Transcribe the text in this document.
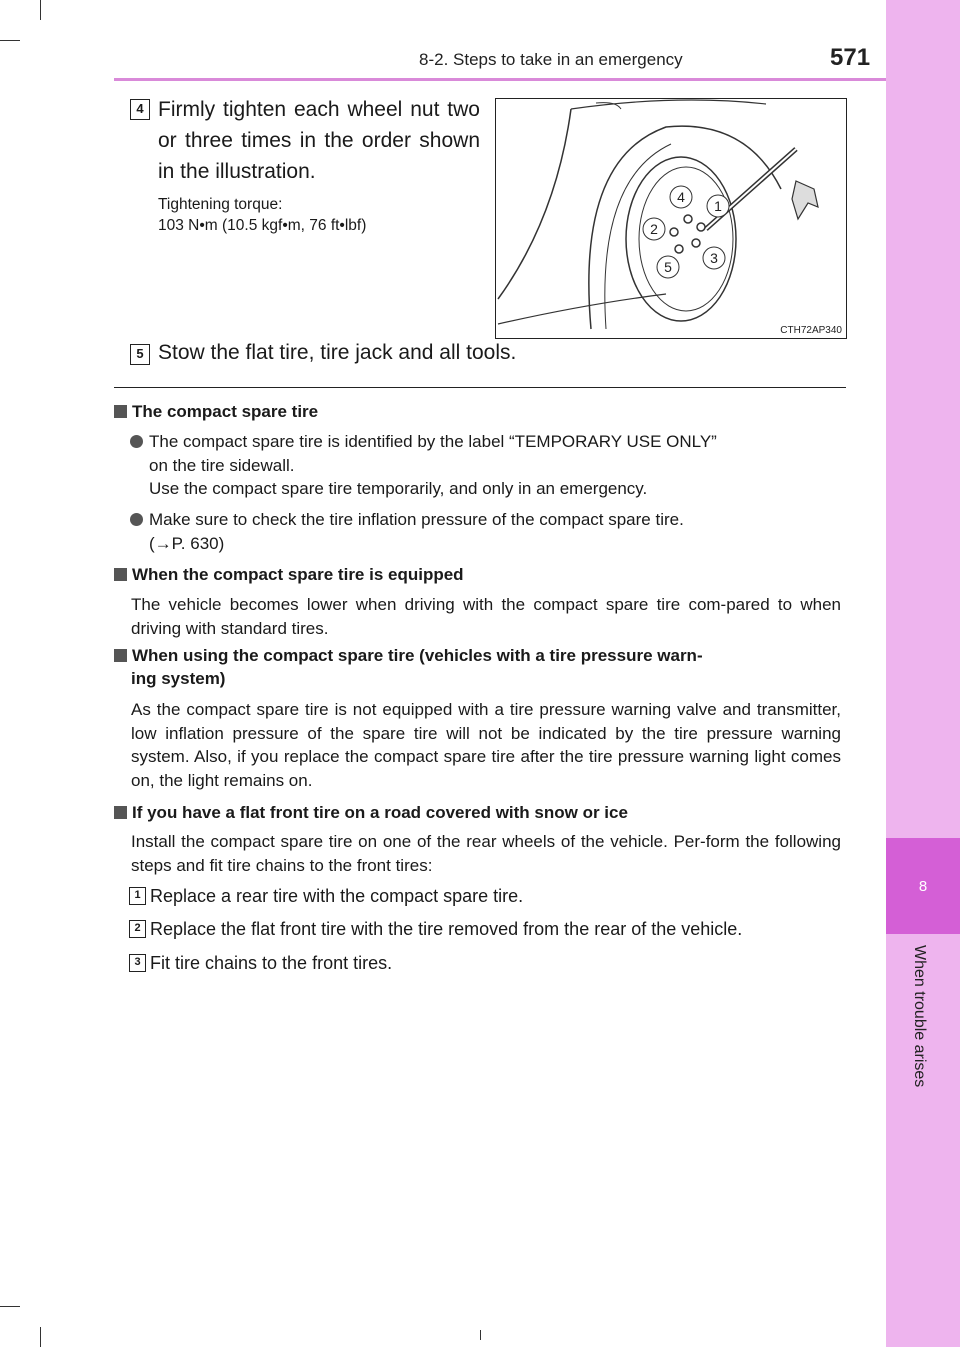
8-2. Steps to take in an emergency	571
8
When trouble arises
4 Firmly tighten each wheel nut two or three times in the order shown in the illustration.
Tightening torque:
103 N•m (10.5 kgf•m, 76 ft•lbf)
1
2
3
4
5
CTH72AP340
5 Stow the flat tire, tire jack and all tools.
The compact spare tire
The compact spare tire is identified by the label “TEMPORARY USE ONLY”
on the tire sidewall.
Use the compact spare tire temporarily, and only in an emergency.
Make sure to check the tire inflation pressure of the compact spare tire.
(→P. 630)
When the compact spare tire is equipped
The vehicle becomes lower when driving with the compact spare tire com-pared to when driving with standard tires.
When using the compact spare tire (vehicles with a tire pressure warn-
ing system)
As the compact spare tire is not equipped with a tire pressure warning valve and transmitter, low inflation pressure of the spare tire will not be indicated by the tire pressure warning system. Also, if you replace the compact spare tire after the tire pressure warning light comes on, the light remains on.
If you have a flat front tire on a road covered with snow or ice
Install the compact spare tire on one of the rear wheels of the vehicle. Per-form the following steps and fit tire chains to the front tires:
1 Replace a rear tire with the compact spare tire.
2 Replace the flat front tire with the tire removed from the rear of the vehicle.
3 Fit tire chains to the front tires.
